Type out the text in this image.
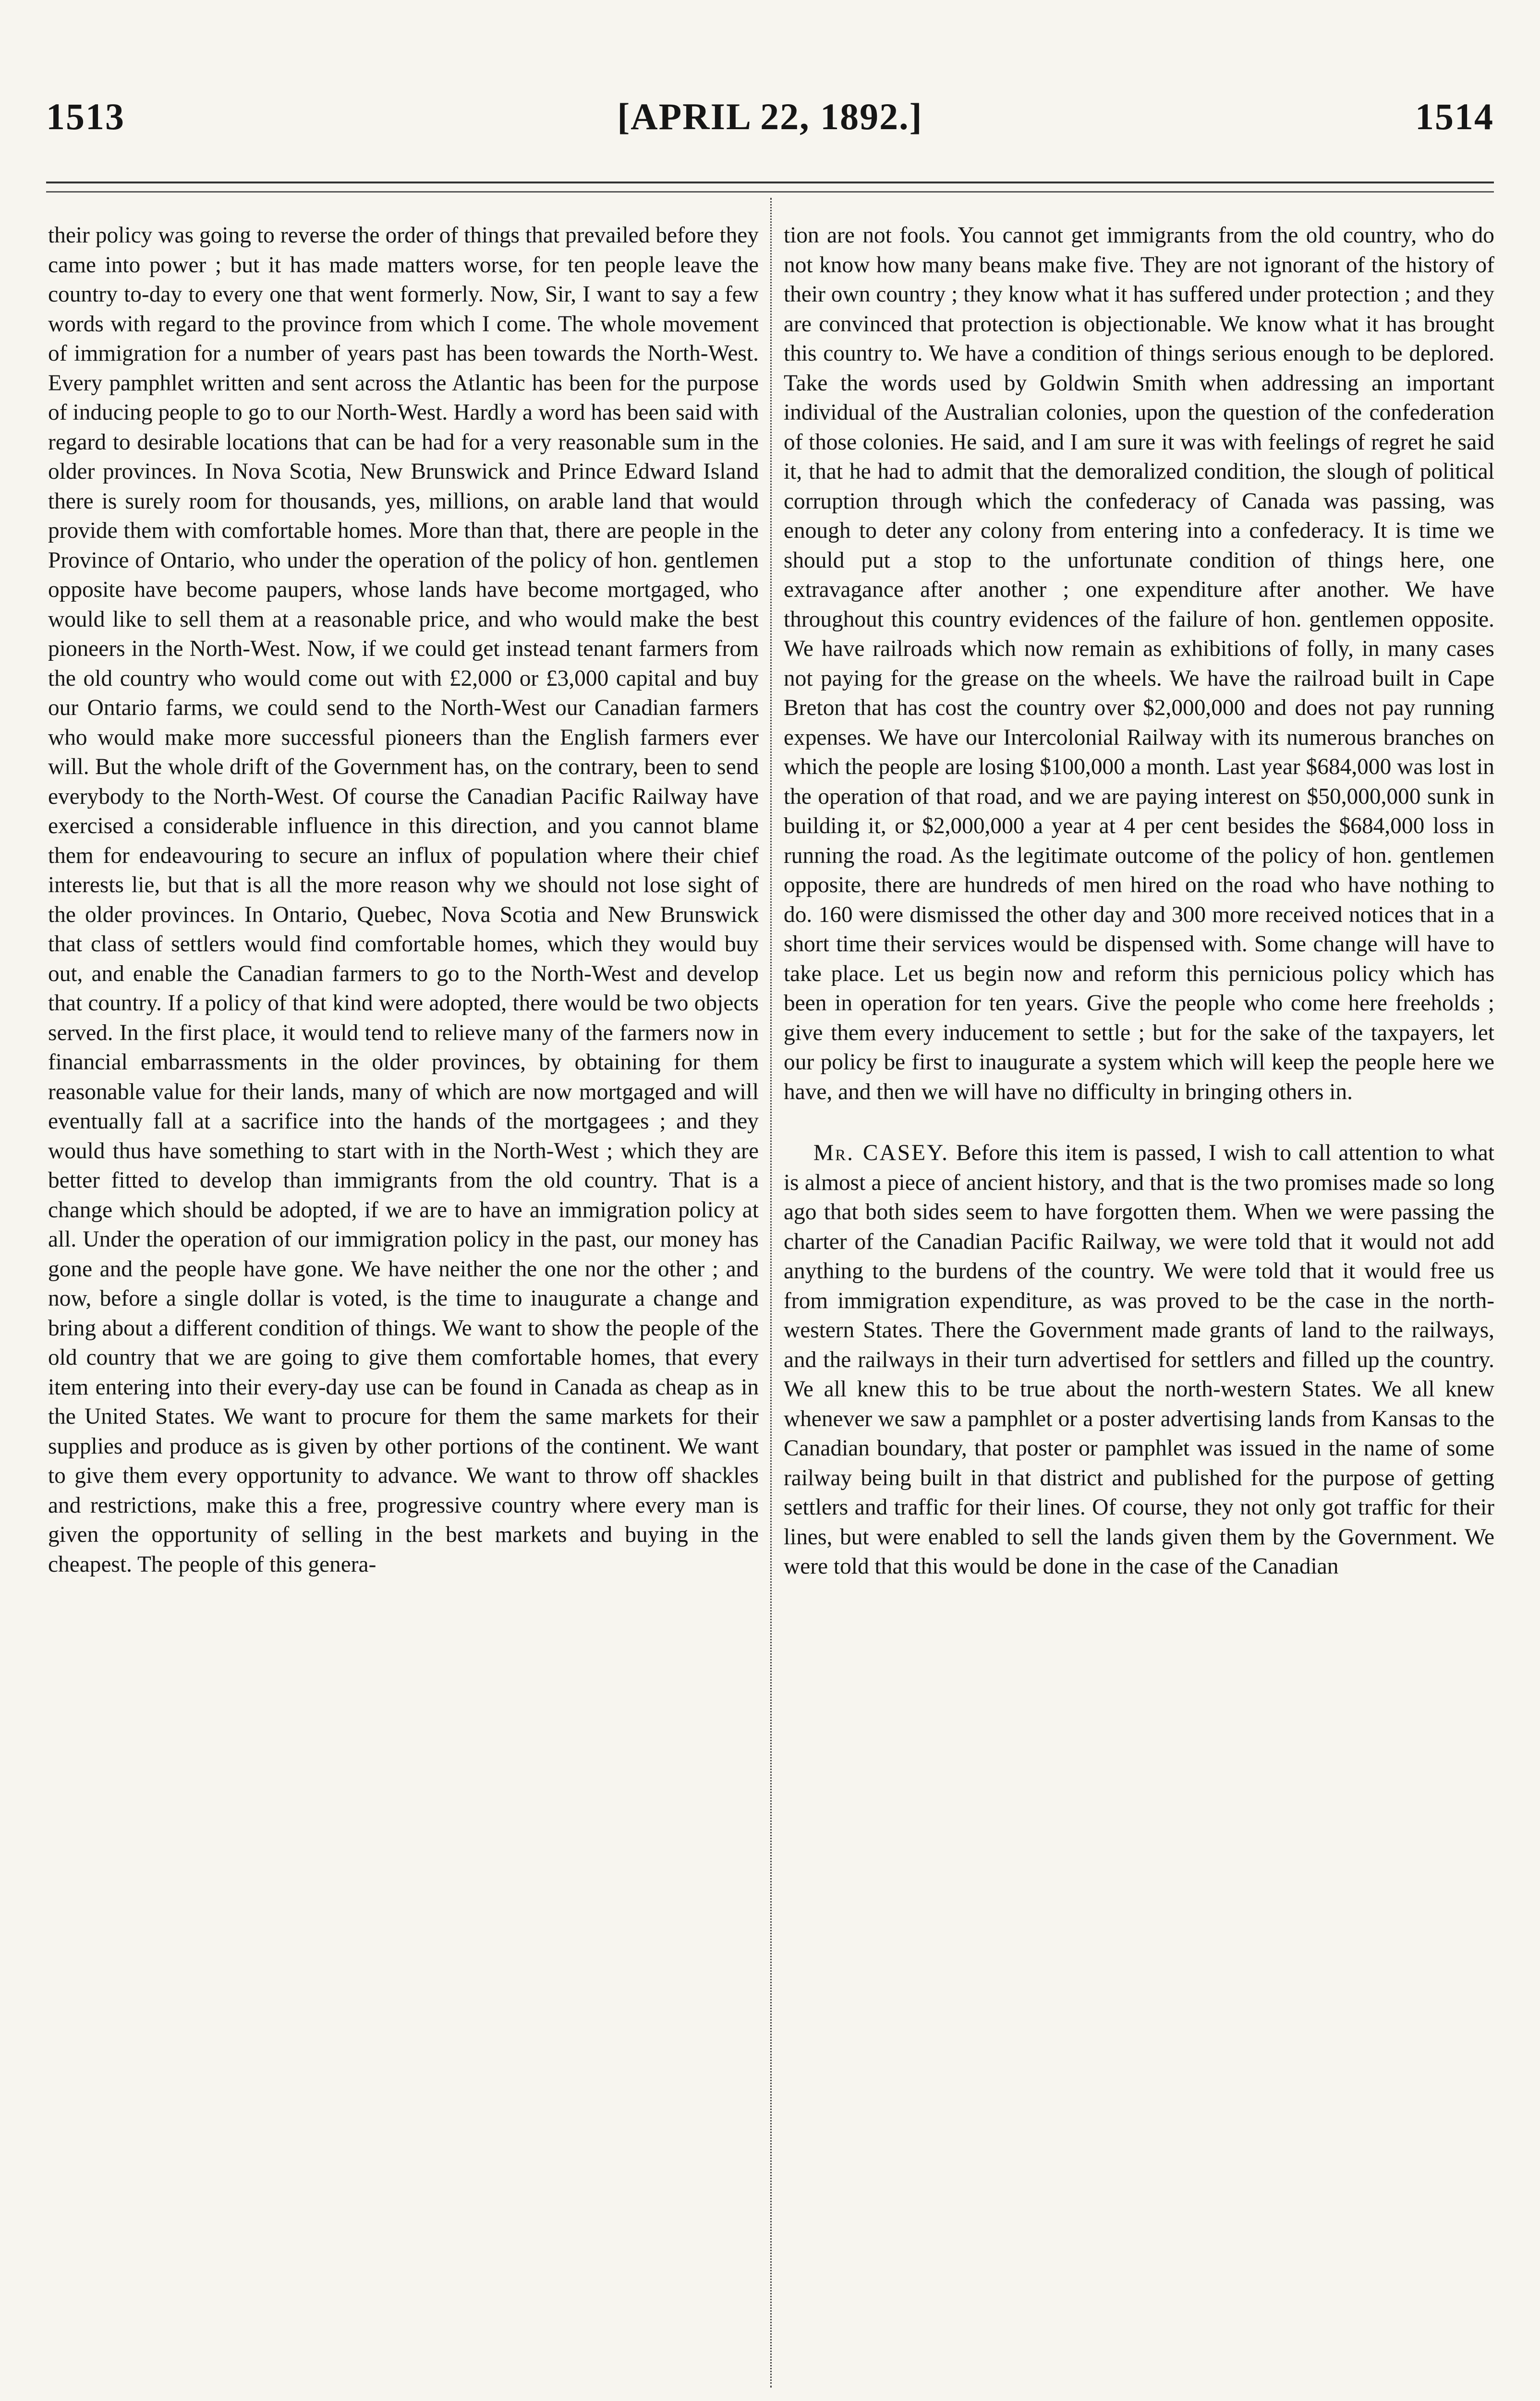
1513	[APRIL 22, 1892.]	1514

their policy was going to reverse the order of things that prevailed before they came into power ; but it has made matters worse, for ten people leave the country to-day to every one that went formerly. Now, Sir, I want to say a few words with regard to the province from which I come. The whole movement of immigration for a number of years past has been towards the North-West. Every pamphlet written and sent across the Atlantic has been for the purpose of inducing people to go to our North-West. Hardly a word has been said with regard to desirable locations that can be had for a very reasonable sum in the older provinces. In Nova Scotia, New Brunswick and Prince Edward Island there is surely room for thousands, yes, millions, on arable land that would provide them with comfortable homes. More than that, there are people in the Province of Ontario, who under the operation of the policy of hon. gentlemen opposite have become paupers, whose lands have become mortgaged, who would like to sell them at a reasonable price, and who would make the best pioneers in the North-West. Now, if we could get instead tenant farmers from the old country who would come out with £2,000 or £3,000 capital and buy our Ontario farms, we could send to the North-West our Canadian farmers who would make more successful pioneers than the English farmers ever will. But the whole drift of the Government has, on the contrary, been to send everybody to the North-West. Of course the Canadian Pacific Railway have exercised a considerable influence in this direction, and you cannot blame them for endeavouring to secure an influx of population where their chief interests lie, but that is all the more reason why we should not lose sight of the older provinces. In Ontario, Quebec, Nova Scotia and New Brunswick that class of settlers would find comfortable homes, which they would buy out, and enable the Canadian farmers to go to the North-West and develop that country. If a policy of that kind were adopted, there would be two objects served. In the first place, it would tend to relieve many of the farmers now in financial embarrassments in the older provinces, by obtaining for them reasonable value for their lands, many of which are now mortgaged and will eventually fall at a sacrifice into the hands of the mortgagees ; and they would thus have something to start with in the North-West ; which they are better fitted to develop than immigrants from the old country. That is a change which should be adopted, if we are to have an immigration policy at all. Under the operation of our immigration policy in the past, our money has gone and the people have gone. We have neither the one nor the other ; and now, before a single dollar is voted, is the time to inaugurate a change and bring about a different condition of things. We want to show the people of the old country that we are going to give them comfortable homes, that every item entering into their every-day use can be found in Canada as cheap as in the United States. We want to procure for them the same markets for their supplies and produce as is given by other portions of the continent. We want to give them every opportunity to advance. We want to throw off shackles and restrictions, make this a free, progressive country where every man is given the opportunity of selling in the best markets and buying in the cheapest. The people of this genera-

tion are not fools. You cannot get immigrants from the old country, who do not know how many beans make five. They are not ignorant of the history of their own country ; they know what it has suffered under protection ; and they are convinced that protection is objectionable. We know what it has brought this country to. We have a condition of things serious enough to be deplored. Take the words used by Goldwin Smith when addressing an important individual of the Australian colonies, upon the question of the confederation of those colonies. He said, and I am sure it was with feelings of regret he said it, that he had to admit that the demoralized condition, the slough of political corruption through which the confederacy of Canada was passing, was enough to deter any colony from entering into a confederacy. It is time we should put a stop to the unfortunate condition of things here, one extravagance after another ; one expenditure after another. We have throughout this country evidences of the failure of hon. gentlemen opposite. We have railroads which now remain as exhibitions of folly, in many cases not paying for the grease on the wheels. We have the railroad built in Cape Breton that has cost the country over $2,000,000 and does not pay running expenses. We have our Intercolonial Railway with its numerous branches on which the people are losing $100,000 a month. Last year $684,000 was lost in the operation of that road, and we are paying interest on $50,000,000 sunk in building it, or $2,000,000 a year at 4 per cent besides the $684,000 loss in running the road. As the legitimate outcome of the policy of hon. gentlemen opposite, there are hundreds of men hired on the road who have nothing to do. 160 were dismissed the other day and 300 more received notices that in a short time their services would be dispensed with. Some change will have to take place. Let us begin now and reform this pernicious policy which has been in operation for ten years. Give the people who come here freeholds ; give them every inducement to settle ; but for the sake of the taxpayers, let our policy be first to inaugurate a system which will keep the people here we have, and then we will have no difficulty in bringing others in.

Mr. CASEY. Before this item is passed, I wish to call attention to what is almost a piece of ancient history, and that is the two promises made so long ago that both sides seem to have forgotten them. When we were passing the charter of the Canadian Pacific Railway, we were told that it would not add anything to the burdens of the country. We were told that it would free us from immigration expenditure, as was proved to be the case in the north-western States. There the Government made grants of land to the railways, and the railways in their turn advertised for settlers and filled up the country. We all knew this to be true about the north-western States. We all knew whenever we saw a pamphlet or a poster advertising lands from Kansas to the Canadian boundary, that poster or pamphlet was issued in the name of some railway being built in that district and published for the purpose of getting settlers and traffic for their lines. Of course, they not only got traffic for their lines, but were enabled to sell the lands given them by the Government. We were told that this would be done in the case of the Canadian
